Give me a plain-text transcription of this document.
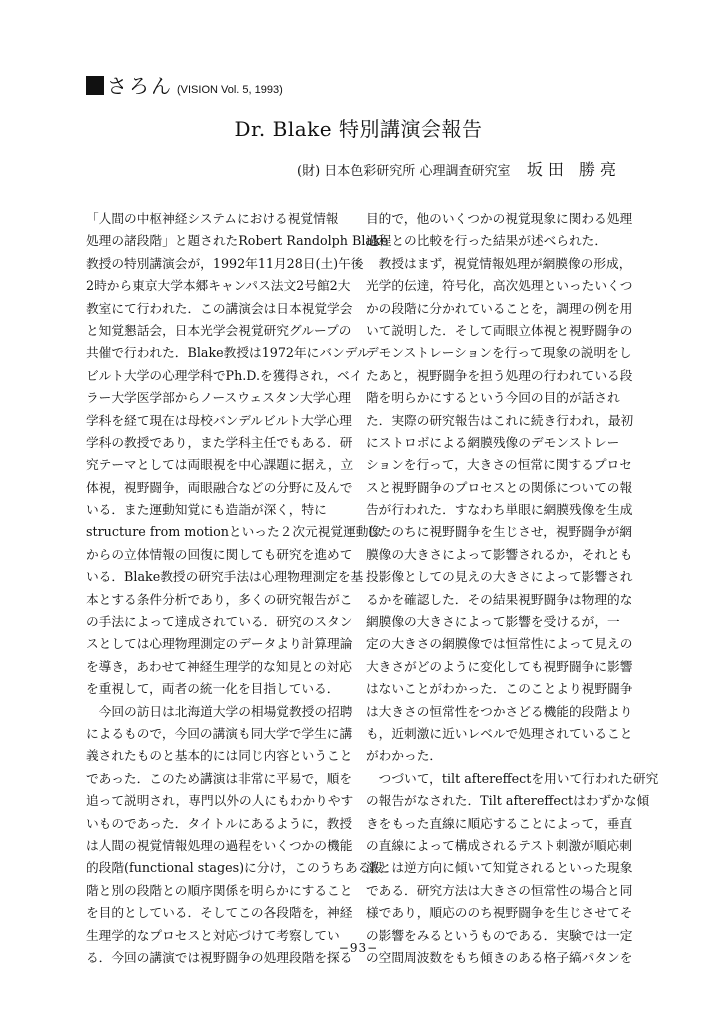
さろん (VISION Vol. 5, 1993)
Dr. Blake 特別講演会報告
(財) 日本色彩研究所 心理調査研究室 坂田 勝亮
「人間の中枢神経システムにおける視覚情報
処理の諸段階」と題されたRobert Randolph Blake
教授の特別講演会が，1992年11月28日(土)午後
2時から東京大学本郷キャンパス法文2号館2大
教室にて行われた．この講演会は日本視覚学会
と知覚懇話会，日本光学会視覚研究グループの
共催で行われた．Blake教授は1972年にバンデル
ビルト大学の心理学科でPh.D.を獲得され，ベイ
ラー大学医学部からノースウェスタン大学心理
学科を経て現在は母校バンデルビルト大学心理
学科の教授であり，また学科主任でもある．研
究テーマとしては両眼視を中心課題に据え，立
体視，視野闘争，両眼融合などの分野に及んで
いる．また運動知覚にも造詣が深く，特に
structure from motionといった２次元視覚運動像
からの立体情報の回復に関しても研究を進めて
いる．Blake教授の研究手法は心理物理測定を基
本とする条件分析であり，多くの研究報告がこ
の手法によって達成されている．研究のスタン
スとしては心理物理測定のデータより計算理論
を導き，あわせて神経生理学的な知見との対応
を重視して，両者の統一化を目指している．
　今回の訪日は北海道大学の相場覚教授の招聘
によるもので，今回の講演も同大学で学生に講
義されたものと基本的には同じ内容ということ
であった．このため講演は非常に平易で，順を
追って説明され，専門以外の人にもわかりやす
いものであった．タイトルにあるように，教授
は人間の視覚情報処理の過程をいくつかの機能
的段階(functional stages)に分け，このうちある段
階と別の段階との順序関係を明らかにすること
を目的としている．そしてこの各段階を，神経
生理学的なプロセスと対応づけて考察してい
る．今回の講演では視野闘争の処理段階を探る
目的で，他のいくつかの視覚現象に関わる処理
過程との比較を行った結果が述べられた．
　教授はまず，視覚情報処理が網膜像の形成，
光学的伝達，符号化，高次処理といったいくつ
かの段階に分かれていることを，調理の例を用
いて説明した．そして両眼立体視と視野闘争の
デモンストレーションを行って現象の説明をし
たあと，視野闘争を担う処理の行われている段
階を明らかにするという今回の目的が話され
た．実際の研究報告はこれに続き行われ，最初
にストロボによる網膜残像のデモンストレー
ションを行って，大きさの恒常に関するプロセ
スと視野闘争のプロセスとの関係についての報
告が行われた．すなわち単眼に網膜残像を生成
したのちに視野闘争を生じさせ，視野闘争が網
膜像の大きさによって影響されるか，それとも
投影像としての見えの大きさによって影響され
るかを確認した．その結果視野闘争は物理的な
網膜像の大きさによって影響を受けるが，一
定の大きさの網膜像では恒常性によって見えの
大きさがどのように変化しても視野闘争に影響
はないことがわかった．このことより視野闘争
は大きさの恒常性をつかさどる機能的段階より
も，近刺激に近いレベルで処理されていること
がわかった．
　つづいて，tilt aftereffectを用いて行われた研究
の報告がなされた．Tilt aftereffectはわずかな傾
きをもった直線に順応することによって，垂直
の直線によって構成されるテスト刺激が順応刺
激とは逆方向に傾いて知覚されるといった現象
である．研究方法は大きさの恒常性の場合と同
様であり，順応ののち視野闘争を生じさせてそ
の影響をみるというものである．実験では一定
の空間周波数をもち傾きのある格子縞パタンを
−93−
